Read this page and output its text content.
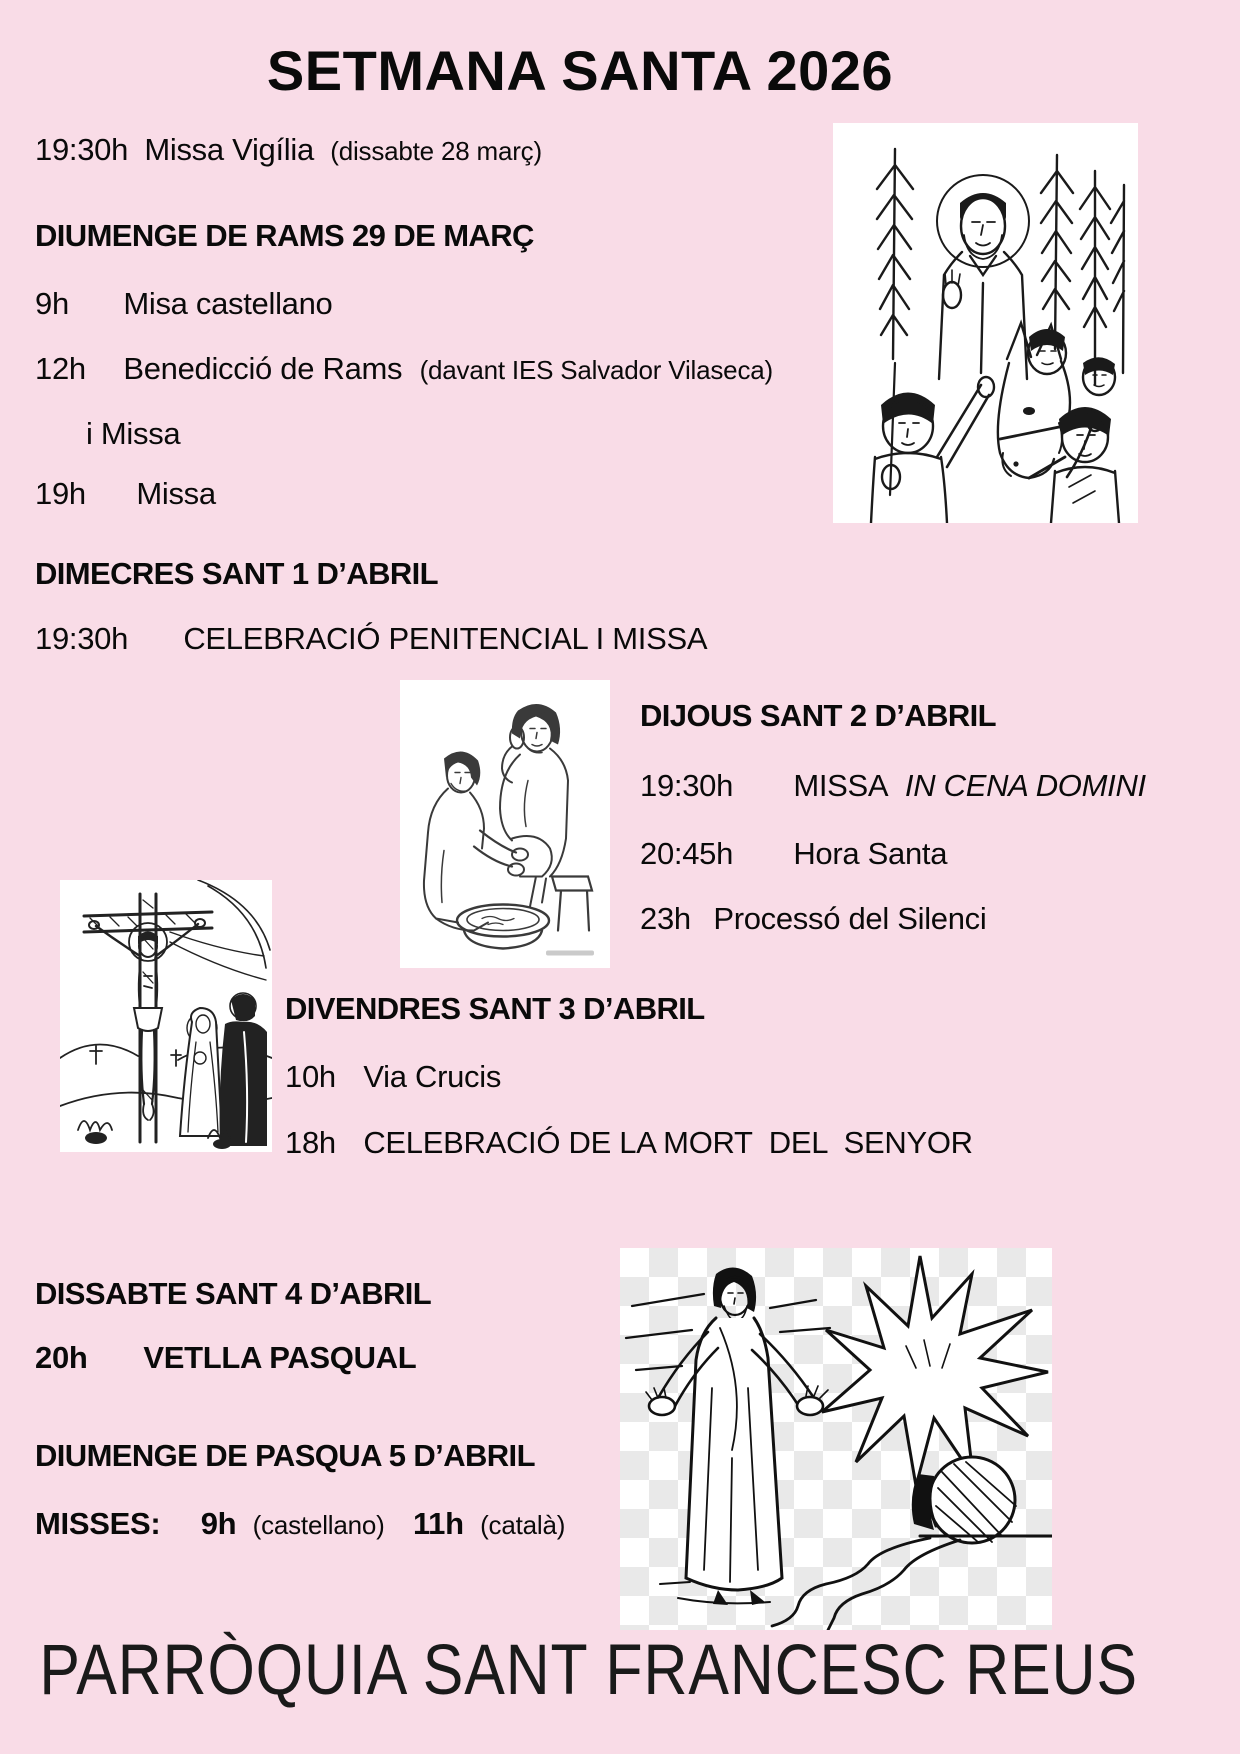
SETMANA SANTA 2026
19:30h Missa Vigília (dissabte 28 març)
DIUMENGE DE RAMS 29 DE MARÇ
9h Misa castellano
12h Benedicció de Rams (davant IES Salvador Vilaseca)
i Missa
19h Missa
DIMECRES SANT 1 D’ABRIL
19:30h CELEBRACIÓ PENITENCIAL I MISSA
DIJOUS SANT 2 D’ABRIL
19:30h MISSA IN CENA DOMINI
20:45h Hora Santa
23h Processó del Silenci
DIVENDRES SANT 3 D’ABRIL
10h Via Crucis
18h CELEBRACIÓ DE LA MORT  DEL  SENYOR
DISSABTE SANT 4 D’ABRIL
20h VETLLA PASQUAL
DIUMENGE DE PASQUA 5 D’ABRIL
MISSES: 9h (castellano) 11h (català)
PARRÒQUIA SANT FRANCESC REUS
